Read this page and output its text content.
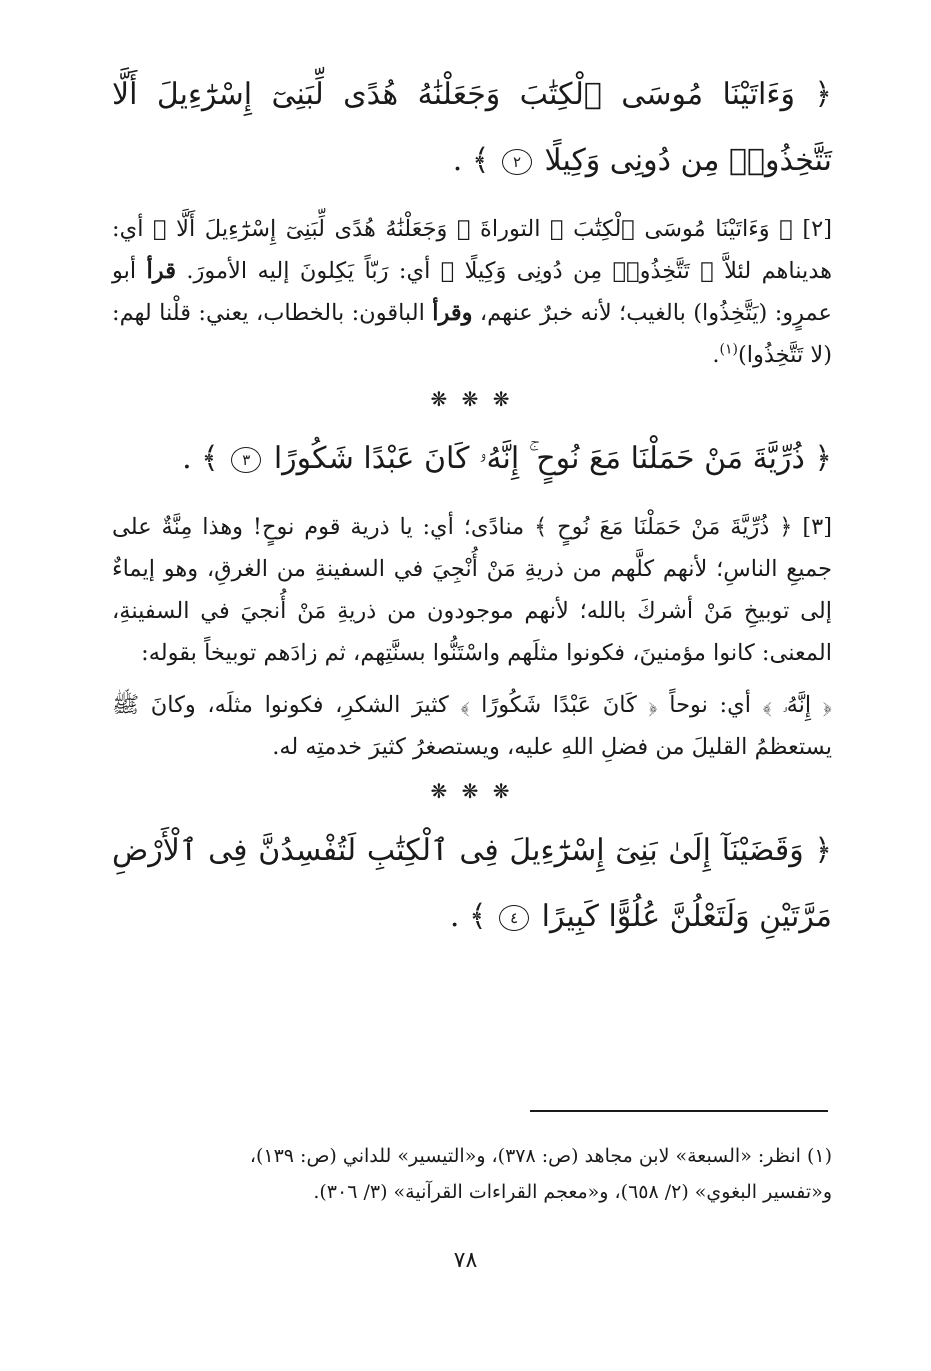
﴿ وَءَاتَيْنَا مُوسَى ٱلْكِتَٰبَ وَجَعَلْنَٰهُ هُدًى لِّبَنِىٓ إِسْرَٰٓءِيلَ أَلَّا تَتَّخِذُوا۟ مِن دُونِى وَكِيلًا ٢ ﴾ .
[٢] ﴿ وَءَاتَيْنَا مُوسَى ٱلْكِتَٰبَ ﴾ التوراةَ ﴿ وَجَعَلْنَٰهُ هُدًى لِّبَنِىٓ إِسْرَٰٓءِيلَ أَلَّا ﴾ أي: هديناهم لئلاَّ ﴿ تَتَّخِذُوا۟ مِن دُونِى وَكِيلًا ﴾ أي: رَبّاً يَكِلونَ إليه الأمورَ. قرأ أبو عمرٍو: (يَتَّخِذُوا) بالغيب؛ لأنه خبرٌ عنهم، وقرأ الباقون: بالخطاب، يعني: قلْنا لهم: (لا تَتَّخِذُوا)$^{(١)}$.
❋ ❋ ❋
﴿ ذُرِّيَّةَ مَنْ حَمَلْنَا مَعَ نُوحٍ ۚ إِنَّهُۥ كَانَ عَبْدًا شَكُورًا ٣ ﴾ .
[٣] ﴿ ذُرِّيَّةَ مَنْ حَمَلْنَا مَعَ نُوحٍ ﴾ منادًى؛ أي: يا ذرية قوم نوحٍ! وهذا مِنَّةٌ على جميعِ الناسِ؛ لأنهم كلَّهم من ذريةِ مَنْ أُنْجِيَ في السفينةِ من الغرقِ، وهو إيماءٌ إلى توبيخِ مَنْ أشركَ بالله؛ لأنهم موجودون من ذريةِ مَنْ أُنجيَ في السفينةِ، المعنى: كانوا مؤمنينَ، فكونوا مثلَهم واسْتَنُّوا بسنَّتِهم، ثم زادَهم توبيخاً بقوله:
﴿ إِنَّهُۥ ﴾ أي: نوحاً ﴿ كَانَ عَبْدًا شَكُورًا ﴾ كثيرَ الشكرِ، فكونوا مثلَه، وكانَ ﷺ يستعظمُ القليلَ من فضلِ اللهِ عليه، ويستصغرُ كثيرَ خدمتِه له.
❋ ❋ ❋
﴿ وَقَضَيْنَآ إِلَىٰ بَنِىٓ إِسْرَٰٓءِيلَ فِى ٱلْكِتَٰبِ لَتُفْسِدُنَّ فِى ٱلْأَرْضِ مَرَّتَيْنِ وَلَتَعْلُنَّ عُلُوًّا كَبِيرًا ٤ ﴾ .
(١) انظر: «السبعة» لابن مجاهد (ص: ٣٧٨)، و«التيسير» للداني (ص: ١٣٩)،
و«تفسير البغوي» (٢/ ٦٥٨)، و«معجم القراءات القرآنية» (٣/ ٣٠٦).
٧٨
